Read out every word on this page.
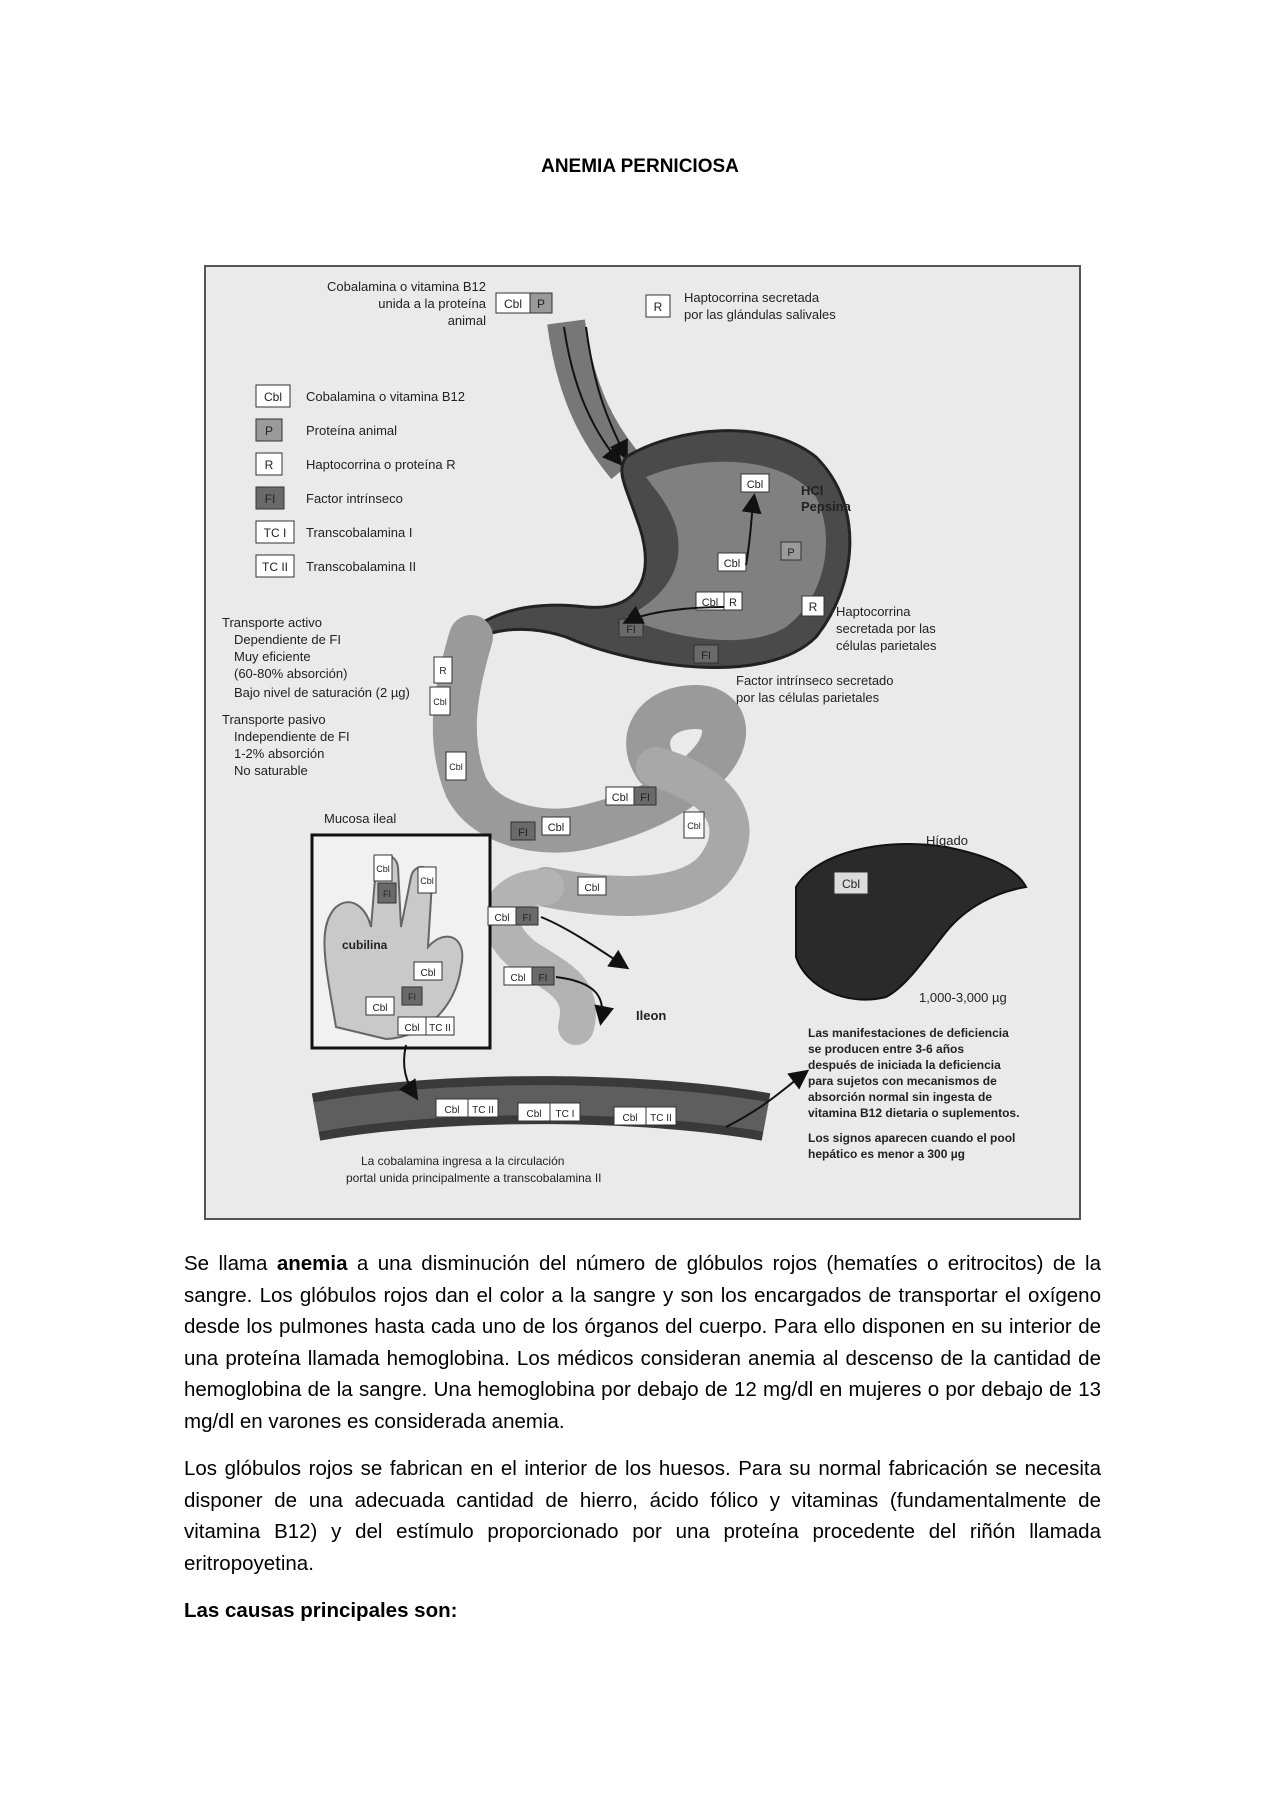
ANEMIA PERNICIOSA
Cobalamina o vitamina B12
unida a la proteína
animal
Cbl P	R
Haptocorrina secretada
por las glándulas salivales
HCl
Pepsina
Cbl
P
Cbl
Cbl R	R
FI
FI
Haptocorrina
secretada por las
células parietales
Factor intrínseco secretado
por las células parietales
R
Cbl
Cbl
FI Cbl
Cbl FI
Cbl
Transporte activo
Dependiente de FI
Muy eficiente
(60-80% absorción)
Bajo nivel de saturación (2 µg)
Transporte pasivo
Independiente de FI
1-2% absorción
No saturable
Cbl Cobalamina o vitamina B12
P	Proteína animal
R	Haptocorrina o proteína R
FI Factor intrínseco
TC I Transcobalamina I
TC II Transcobalamina II
Mucosa ileal
Cbl
FI
Cbl
Cbl
FI
Cbl
Cbl TC II
cubilina
Cbl FI
Cbl
Cbl FI
Ileon
Hígado
Cbl
1,000-3,000 µg
Las manifestaciones de deficiencia
se producen entre 3-6 años
después de iniciada la deficiencia
para sujetos con mecanismos de
absorción normal sin ingesta de
vitamina B12 dietaria o suplementos.
Los signos aparecen cuando el pool
hepático es menor a 300 µg
Cbl TC II	Cbl TC I	Cbl TC II
La cobalamina ingresa a la circulación
portal unida principalmente a transcobalamina II

Se llama anemia a una disminución del número de glóbulos rojos (hematíes o eritrocitos) de la sangre. Los glóbulos rojos dan el color a la sangre y son los encargados de transportar el oxígeno desde los pulmones hasta cada uno de los órganos del cuerpo. Para ello disponen en su interior de una proteína llamada hemoglobina. Los médicos consideran anemia al descenso de la cantidad de hemoglobina de la sangre. Una hemoglobina por debajo de 12 mg/dl en mujeres o por debajo de 13 mg/dl en varones es considerada anemia.

Los glóbulos rojos se fabrican en el interior de los huesos. Para su normal fabricación se necesita disponer de una adecuada cantidad de hierro, ácido fólico y vitaminas (fundamentalmente de vitamina B12) y del estímulo proporcionado por una proteína procedente del riñón llamada eritropoyetina.

Las causas principales son:
